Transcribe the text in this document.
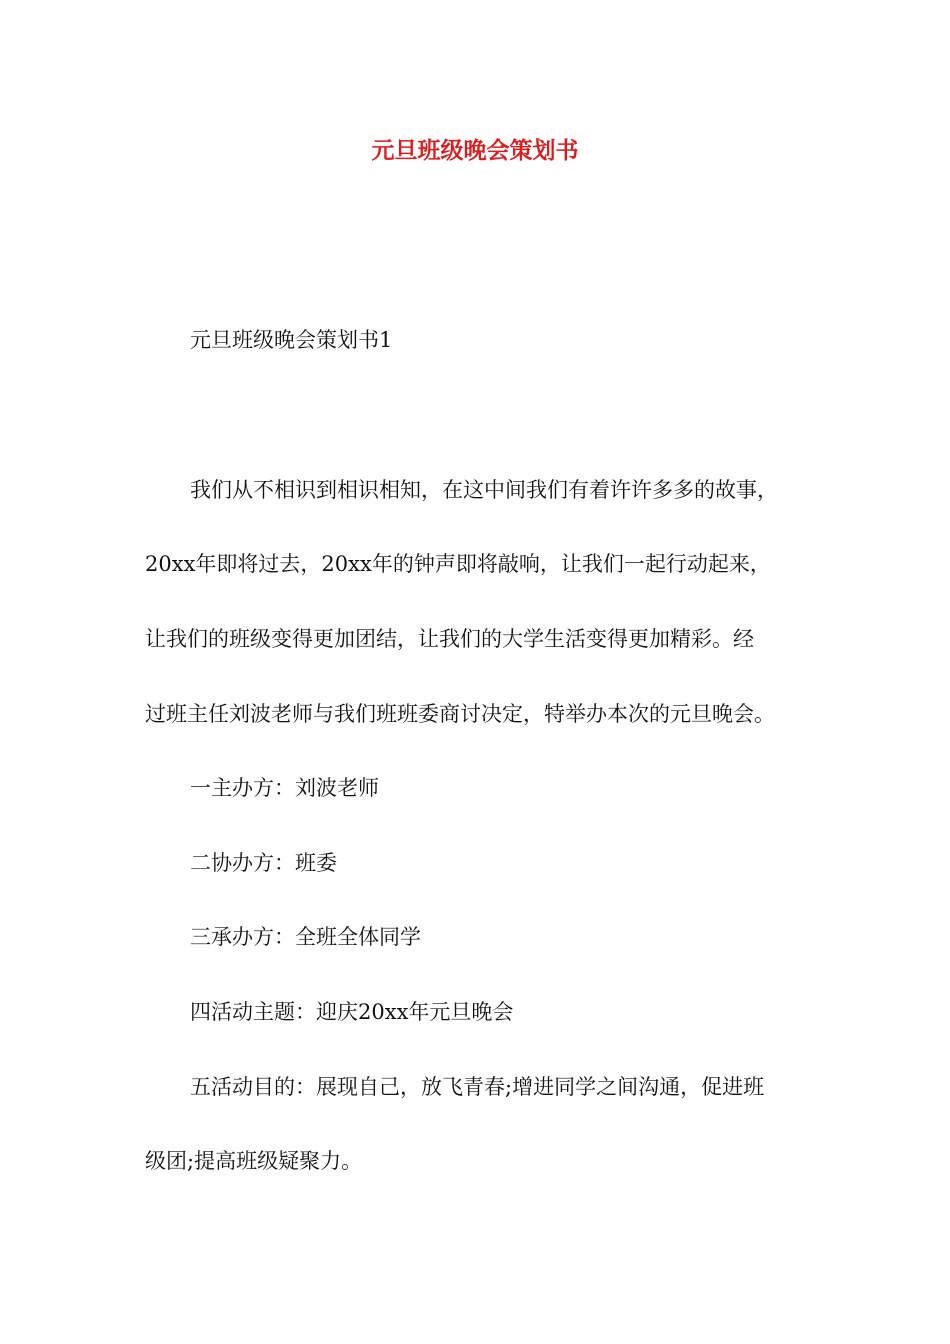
元旦班级晚会策划书

元旦班级晚会策划书1

我们从不相识到相识相知，在这中间我们有着许许多多的故事，

20xx年即将过去，20xx年的钟声即将敲响，让我们一起行动起来，

让我们的班级变得更加团结，让我们的大学生活变得更加精彩。经

过班主任刘波老师与我们班班委商讨决定，特举办本次的元旦晚会。

一主办方：刘波老师

二协办方：班委

三承办方：全班全体同学

四活动主题：迎庆20xx年元旦晚会

五活动目的：展现自己，放飞青春;增进同学之间沟通，促进班

级团;提高班级疑聚力。
